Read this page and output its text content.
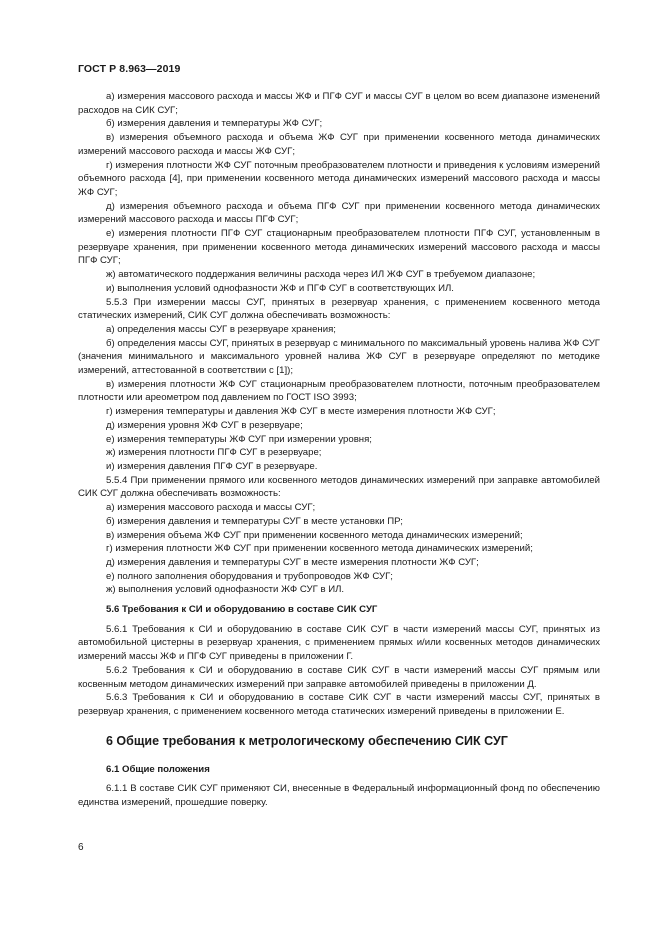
ГОСТ Р 8.963—2019

а) измерения массового расхода и массы ЖФ и ПГФ СУГ и массы СУГ в целом во всем диапазоне изменений расходов на СИК СУГ;

б) измерения давления и температуры ЖФ СУГ;

в) измерения объемного расхода и объема ЖФ СУГ при применении косвенного метода динамических измерений массового расхода и массы ЖФ СУГ;

г) измерения плотности ЖФ СУГ поточным преобразователем плотности и приведения к условиям измерений объемного расхода [4], при применении косвенного метода динамических измерений массового расхода и массы ЖФ СУГ;

д) измерения объемного расхода и объема ПГФ СУГ при применении косвенного метода динамических измерений массового расхода и массы ПГФ СУГ;

е) измерения плотности ПГФ СУГ стационарным преобразователем плотности ПГФ СУГ, установленным в резервуаре хранения, при применении косвенного метода динамических измерений массового расхода и массы ПГФ СУГ;

ж) автоматического поддержания величины расхода через ИЛ ЖФ СУГ в требуемом диапазоне;

и) выполнения условий однофазности ЖФ и ПГФ СУГ в соответствующих ИЛ.

5.5.3 При измерении массы СУГ, принятых в резервуар хранения, с применением косвенного метода статических измерений, СИК СУГ должна обеспечивать возможность:

а) определения массы СУГ в резервуаре хранения;

б) определения массы СУГ, принятых в резервуар с минимального по максимальный уровень налива ЖФ СУГ (значения минимального и максимального уровней налива ЖФ СУГ в резервуаре определяют по методике измерений, аттестованной в соответствии с [1]);

в) измерения плотности ЖФ СУГ стационарным преобразователем плотности, поточным преобразователем плотности или ареометром под давлением по ГОСТ ISO 3993;

г) измерения температуры и давления ЖФ СУГ в месте измерения плотности ЖФ СУГ;

д) измерения уровня ЖФ СУГ в резервуаре;

е) измерения температуры ЖФ СУГ при измерении уровня;

ж) измерения плотности ПГФ СУГ в резервуаре;

и) измерения давления ПГФ СУГ в резервуаре.

5.5.4 При применении прямого или косвенного методов динамических измерений при заправке автомобилей СИК СУГ должна обеспечивать возможность:

а) измерения массового расхода и массы СУГ;

б) измерения давления и температуры СУГ в месте установки ПР;

в) измерения объема ЖФ СУГ при применении косвенного метода динамических измерений;

г) измерения плотности ЖФ СУГ при применении косвенного метода динамических измерений;

д) измерения давления и температуры СУГ в месте измерения плотности ЖФ СУГ;

е) полного заполнения оборудования и трубопроводов ЖФ СУГ;

ж) выполнения условий однофазности ЖФ СУГ в ИЛ.

5.6 Требования к СИ и оборудованию в составе СИК СУГ

5.6.1 Требования к СИ и оборудованию в составе СИК СУГ в части измерений массы СУГ, принятых из автомобильной цистерны в резервуар хранения, с применением прямых и/или косвенных методов динамических измерений массы ЖФ и ПГФ СУГ приведены в приложении Г.

5.6.2 Требования к СИ и оборудованию в составе СИК СУГ в части измерений массы СУГ прямым или косвенным методом динамических измерений при заправке автомобилей приведены в приложении Д.

5.6.3 Требования к СИ и оборудованию в составе СИК СУГ в части измерений массы СУГ, принятых в резервуар хранения, с применением косвенного метода статических измерений приведены в приложении Е.

6 Общие требования к метрологическому обеспечению СИК СУГ
6.1 Общие положения

6.1.1 В составе СИК СУГ применяют СИ, внесенные в Федеральный информационный фонд по обеспечению единства измерений, прошедшие поверку.

6
